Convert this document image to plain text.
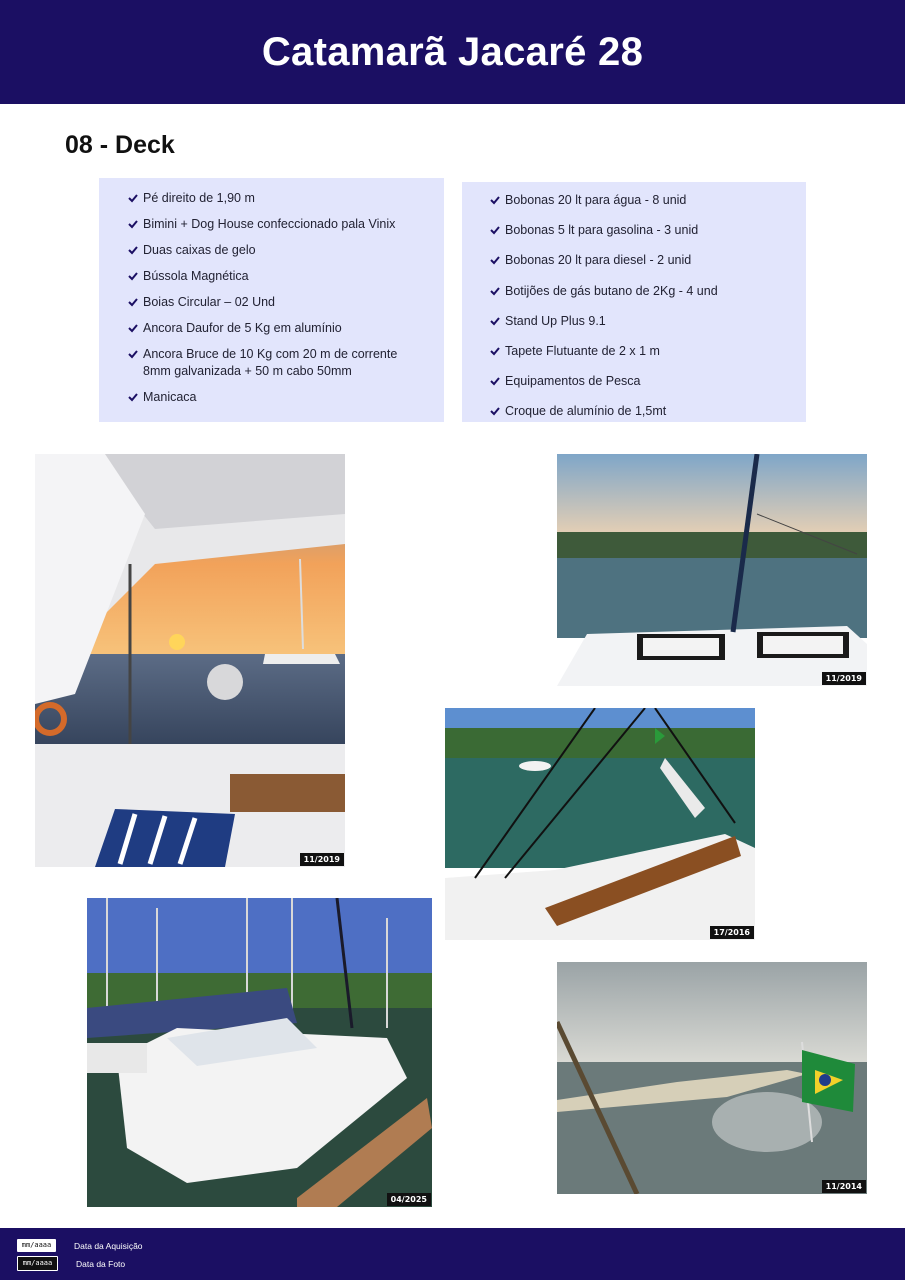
Catamarã Jacaré 28
08 - Deck
Pé direito de 1,90 m
Bimini + Dog House confeccionado pala Vinix
Duas caixas de gelo
Bússola Magnética
Boias Circular – 02 Und
Ancora Daufor de 5 Kg em alumínio
Ancora Bruce de 10 Kg com 20 m de corrente 8mm galvanizada + 50 m cabo 50mm
Manicaca
Bobonas 20 lt para água - 8 unid
Bobonas 5 lt para gasolina - 3 unid
Bobonas 20 lt para diesel - 2 unid
Botijões de gás butano de 2Kg - 4 und
Stand Up Plus 9.1
Tapete Flutuante de 2 x 1 m
Equipamentos de Pesca
Croque de alumínio de 1,5mt
11/2019
11/2019
17/2016
04/2025
11/2014
mm/aaaa	Data da Aquisição
mm/aaaa	Data da Foto
